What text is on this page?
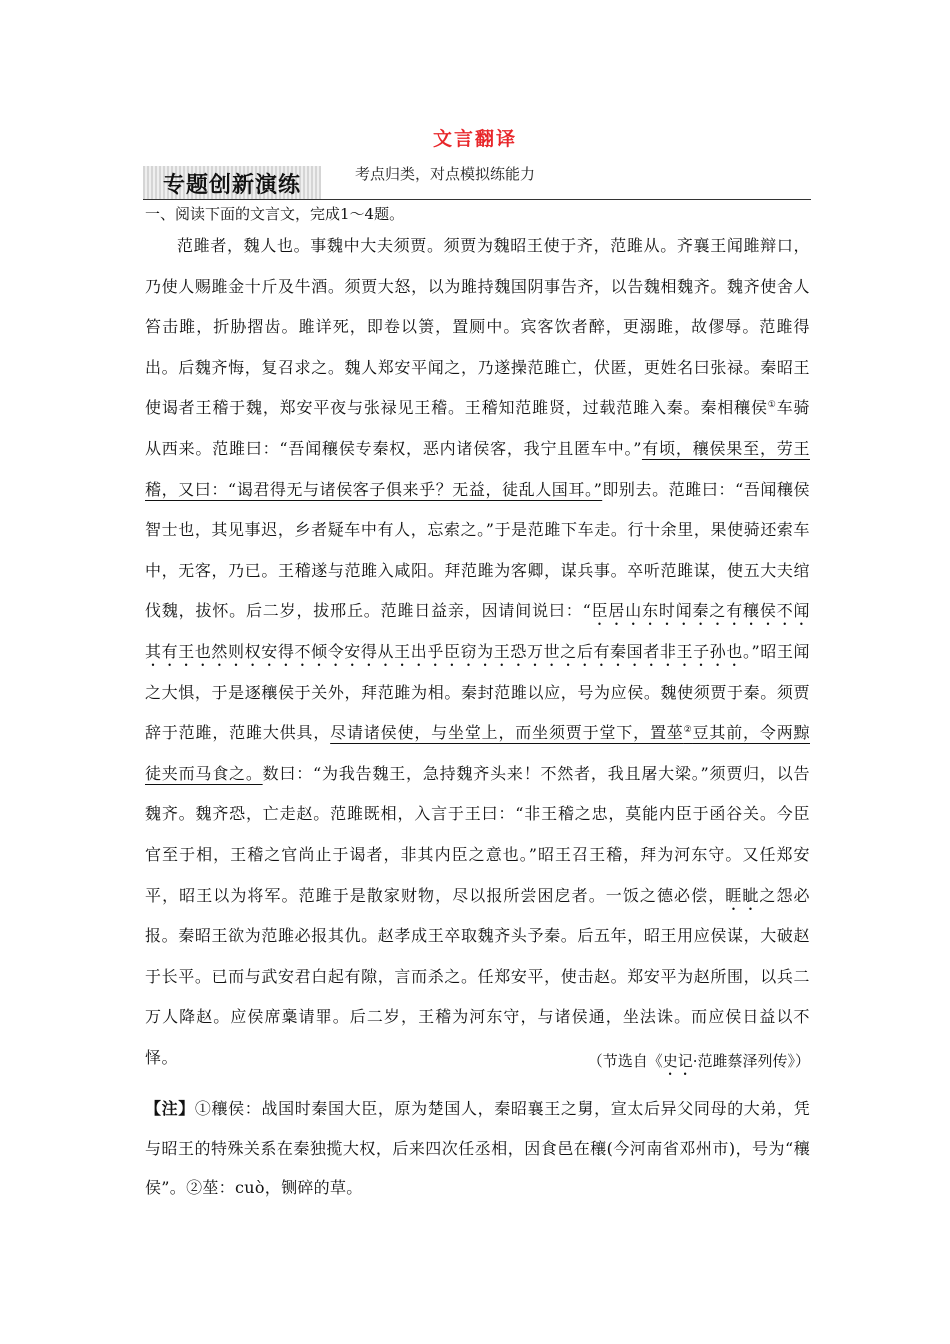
文言翻译
专题创新演练	考点归类，对点模拟练能力
一、阅读下面的文言文，完成1～4题。

范雎者，魏人也。事魏中大夫须贾。须贾为魏昭王使于齐，范雎从。齐襄王闻雎辩口，乃使人赐雎金十斤及牛酒。须贾大怒，以为雎持魏国阴事告齐，以告魏相魏齐。魏齐使舍人笞击雎，折胁摺齿。雎详死，即卷以箦，置厕中。宾客饮者醉，更溺雎，故僇辱。范雎得出。后魏齐悔，复召求之。魏人郑安平闻之，乃遂操范雎亡，伏匿，更姓名曰张禄。秦昭王使谒者王稽于魏，郑安平夜与张禄见王稽。王稽知范雎贤，过载范雎入秦。秦相穰侯①车骑从西来。范雎曰：“吾闻穰侯专秦权，恶内诸侯客，我宁且匿车中。”有顷，穰侯果至，劳王稽，又曰：“谒君得无与诸侯客子俱来乎？无益，徒乱人国耳。”即别去。范雎曰：“吾闻穰侯智士也，其见事迟，乡者疑车中有人，忘索之。”于是范雎下车走。行十余里，果使骑还索车中，无客，乃已。王稽遂与范雎入咸阳。拜范雎为客卿，谋兵事。卒听范雎谋，使五大夫绾伐魏，拔怀。后二岁，拔邢丘。范雎日益亲，因请间说曰：“臣居山东时闻秦之有穰侯不闻其有王也然则权安得不倾令安得从王出乎臣窃为王恐万世之后有秦国者非王子孙也。”昭王闻之大惧，于是逐穰侯于关外，拜范雎为相。秦封范雎以应，号为应侯。魏使须贾于秦。须贾辞于范雎，范雎大供具，尽请诸侯使，与坐堂上，而坐须贾于堂下，置莝②豆其前，令两黥徒夹而马食之。数曰：“为我告魏王，急持魏齐头来！不然者，我且屠大梁。”须贾归，以告魏齐。魏齐恐，亡走赵。范雎既相，入言于王曰：“非王稽之忠，莫能内臣于函谷关。今臣官至于相，王稽之官尚止于谒者，非其内臣之意也。”昭王召王稽，拜为河东守。又任郑安平，昭王以为将军。范雎于是散家财物，尽以报所尝困戹者。一饭之德必偿，睚眦之怨必报。秦昭王欲为范雎必报其仇。赵孝成王卒取魏齐头予秦。后五年，昭王用应侯谋，大破赵于长平。已而与武安君白起有隙，言而杀之。任郑安平，使击赵。郑安平为赵所围，以兵二万人降赵。应侯席稾请罪。后二岁，王稽为河东守，与诸侯通，坐法诛。而应侯日益以不怿。	（节选自《史记·范雎蔡泽列传》）

【注】①穰侯：战国时秦国大臣，原为楚国人，秦昭襄王之舅，宣太后异父同母的大弟，凭与昭王的特殊关系在秦独揽大权，后来四次任丞相，因食邑在穰(今河南省邓州市)，号为“穰侯”。②莝：cuò，铡碎的草。
